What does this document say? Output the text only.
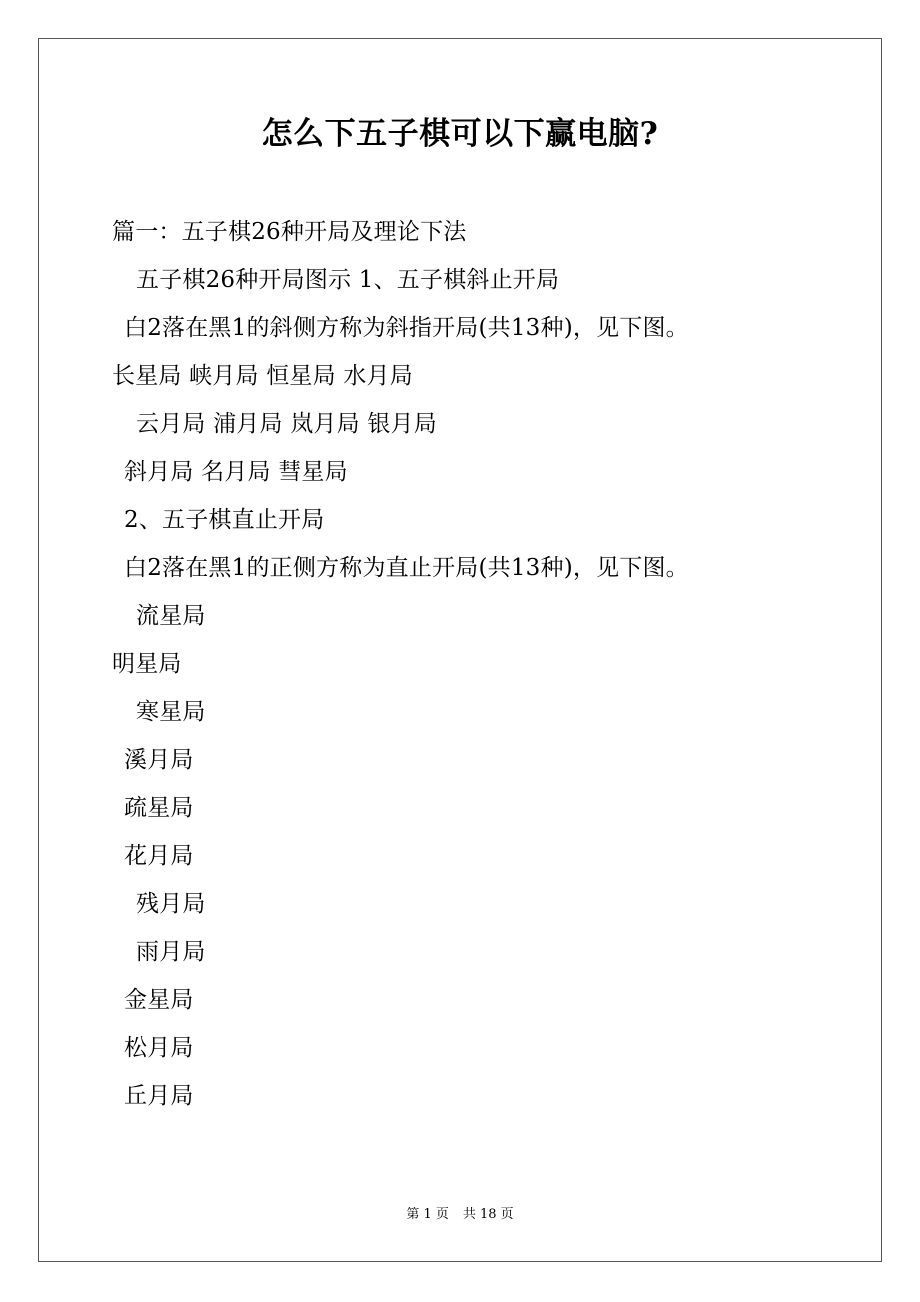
怎么下五子棋可以下赢电脑?
篇一：五子棋26种开局及理论下法
五子棋26种开局图示 1、五子棋斜止开局
白2落在黑1的斜侧方称为斜指开局(共13种)，见下图。
长星局 峡月局 恒星局 水月局
云月局 浦月局 岚月局 银月局
斜月局 名月局 彗星局
2、五子棋直止开局
白2落在黑1的正侧方称为直止开局(共13种)，见下图。
流星局
明星局
寒星局
溪月局
疏星局
花月局
残月局
雨月局
金星局
松月局
丘月局
第 1 页 共 18 页
